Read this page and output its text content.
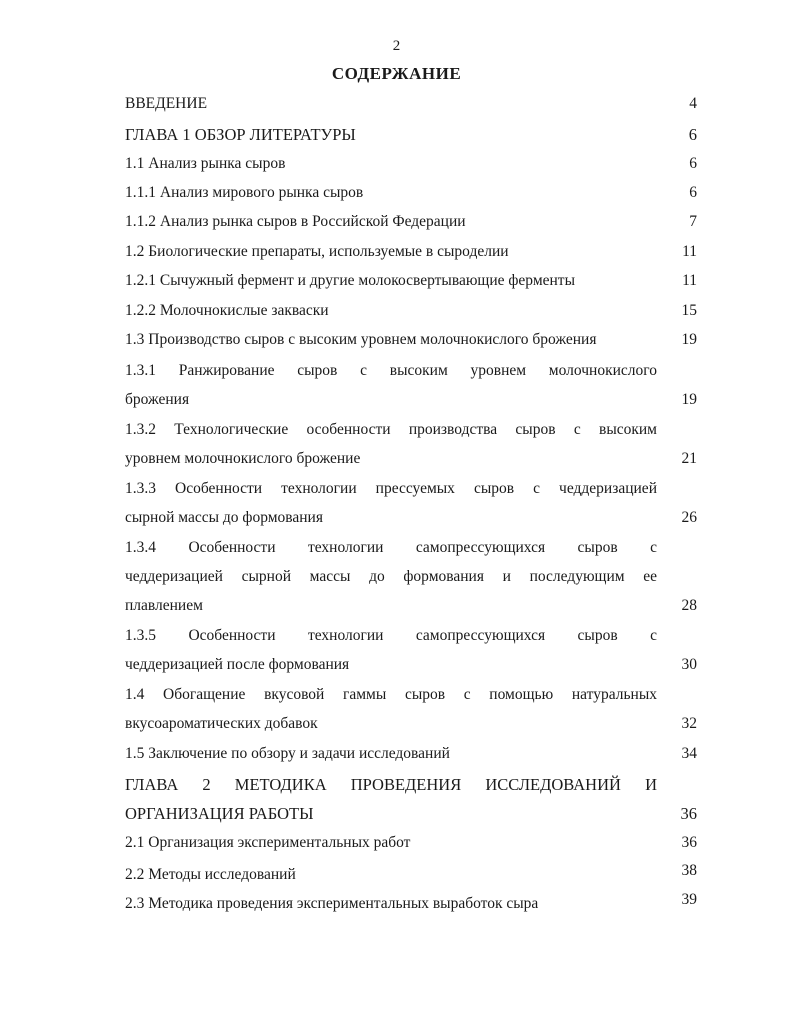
2
СОДЕРЖАНИЕ
ВВЕДЕНИЕ	4
ГЛАВА 1 ОБЗОР ЛИТЕРАТУРЫ	6
1.1 Анализ рынка сыров	6
1.1.1 Анализ мирового рынка сыров	6
1.1.2 Анализ рынка сыров в Российской Федерации	7
1.2 Биологические препараты, используемые в сыроделии	11
1.2.1 Сычужный фермент и другие молокосвертывающие ферменты	11
1.2.2 Молочнокислые закваски	15
1.3 Производство сыров с высоким уровнем молочнокислого брожения	19
1.3.1 Ранжирование сыров с высоким уровнем молочнокислого
брожения	19
1.3.2 Технологические особенности производства сыров с высоким
уровнем молочнокислого брожение	21
1.3.3 Особенности технологии прессуемых сыров с чеддеризацией
сырной массы до формования	26
1.3.4 Особенности технологии самопрессующихся сыров с
чеддеризацией сырной массы до формования и последующим ее
плавлением	28
1.3.5 Особенности технологии самопрессующихся сыров с
чеддеризацией после формования	30
1.4 Обогащение вкусовой гаммы сыров с помощью натуральных
вкусоароматических добавок	32
1.5 Заключение по обзору и задачи исследований	34
ГЛАВА 2 МЕТОДИКА ПРОВЕДЕНИЯ ИССЛЕДОВАНИЙ И
ОРГАНИЗАЦИЯ РАБОТЫ	36
2.1 Организация экспериментальных работ	36
2.2 Методы исследований	38
2.3 Методика проведения экспериментальных выработок сыра	39
